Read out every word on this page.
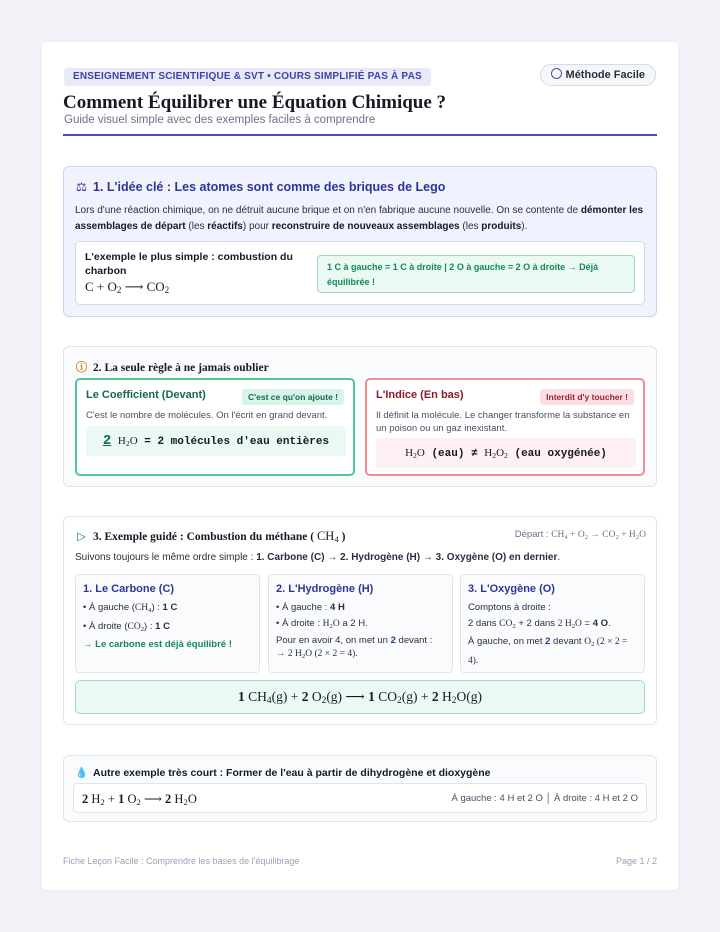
ENSEIGNEMENT SCIENTIFIQUE & SVT • COURS SIMPLIFIÉ PAS À PAS	Méthode Facile
Comment Équilibrer une Équation Chimique ?
Guide visuel simple avec des exemples faciles à comprendre
⚖ 1. L'idée clé : Les atomes sont comme des briques de Lego
Lors d'une réaction chimique, on ne détruit aucune brique et on n'en fabrique aucune nouvelle. On se contente de démonter les assemblages de départ (les réactifs) pour reconstruire de nouveaux assemblages (les produits).
L'exemple le plus simple : combustion du charbon
$C + O_2$ ⟶ $CO_2$
1 C à gauche = 1 C à droite | 2 O à gauche = 2 O à droite → Déjà équilibrée !
ⓘ 2. La seule règle à ne jamais oublier
Le Coefficient (Devant)	C'est ce qu'on ajoute !
C'est le nombre de molécules. On l'écrit en grand devant.
2 $H_2O = 2$ molécules d'eau entières
L'Indice (En bas)	Interdit d'y toucher !
Il définit la molécule. Le changer transforme la substance en un poison ou un gaz inexistant.
$H_2O$ $(eau) \ne H_2O_2$ (eau oxygénée)
▷ 3. Exemple guidé : Combustion du méthane ( $CH_4$ )	Départ : $CH_4 + O_2 \to CO_2 + H_2O$
Suivons toujours le même ordre simple : 1. Carbone (C) → 2. Hydrogène (H) → 3. Oxygène (O) en dernier.
1. Le Carbone (C)
• À gauche $(CH_4)$ : 1 C
• À droite $(CO_2)$ : 1 C
→ Le carbone est déjà équilibré !
2. L'Hydrogène (H)
• À gauche : 4 H
• À droite : $H_2O$ a 2 H.
Pour en avoir 4, on met un 2 devant :
→ 2 $H_2O$ (2 × 2 = 4).
3. L'Oxygène (O)
Comptons à droite :
2 dans $CO_2 + 2$ dans 2 $H_2O = 4$ O.
À gauche, on met 2 devant $O_2$ (2 × 2 = 4).
1 $CH_4(g) + 2$ $O_2(g)$ ⟶ 1 $CO_2(g) + 2$ $H_2O(g)$
💧 Autre exemple très court : Former de l'eau à partir de dihydrogène et dioxygène
2 $H_2 + 1$ $O_2$ ⟶ 2 $H_2O$	À gauche : 4 H et 2 O │ À droite : 4 H et 2 O
Fiche Leçon Facile : Comprendre les bases de l'équilibrage	Page 1 / 2
